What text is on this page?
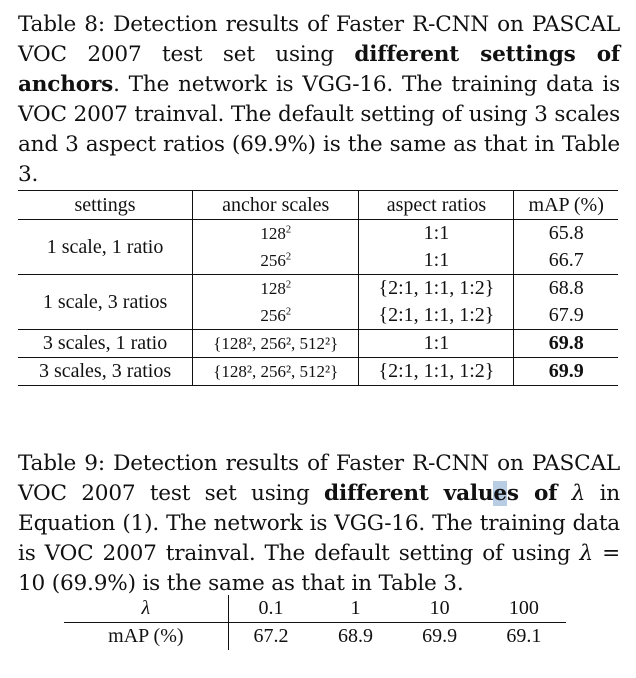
Table 8: Detection results of Faster R-CNN on PASCAL VOC 2007 test set using different settings of anchors. The network is VGG-16. The training data is VOC 2007 trainval. The default setting of using 3 scales and 3 aspect ratios (69.9%) is the same as that in Table 3.
settings	anchor scales	aspect ratios	mAP (%)
1 scale, 1 ratio	$128^2$	1:1	65.8
	$256^2$	1:1	66.7
1 scale, 3 ratios	$128^2$	{2:1, 1:1, 1:2}	68.8
	$256^2$	{2:1, 1:1, 1:2}	67.9
3 scales, 1 ratio	{128², 256², 512²}	1:1	69.8
3 scales, 3 ratios	{128², 256², 512²}	{2:1, 1:1, 1:2}	69.9
Table 9: Detection results of Faster R-CNN on PASCAL VOC 2007 test set using different values of λ in Equation (1). The network is VGG-16. The training data is VOC 2007 trainval. The default setting of using λ = 10 (69.9%) is the same as that in Table 3.
λ	0.1	1	10	100
mAP (%)	67.2	68.9	69.9	69.1
